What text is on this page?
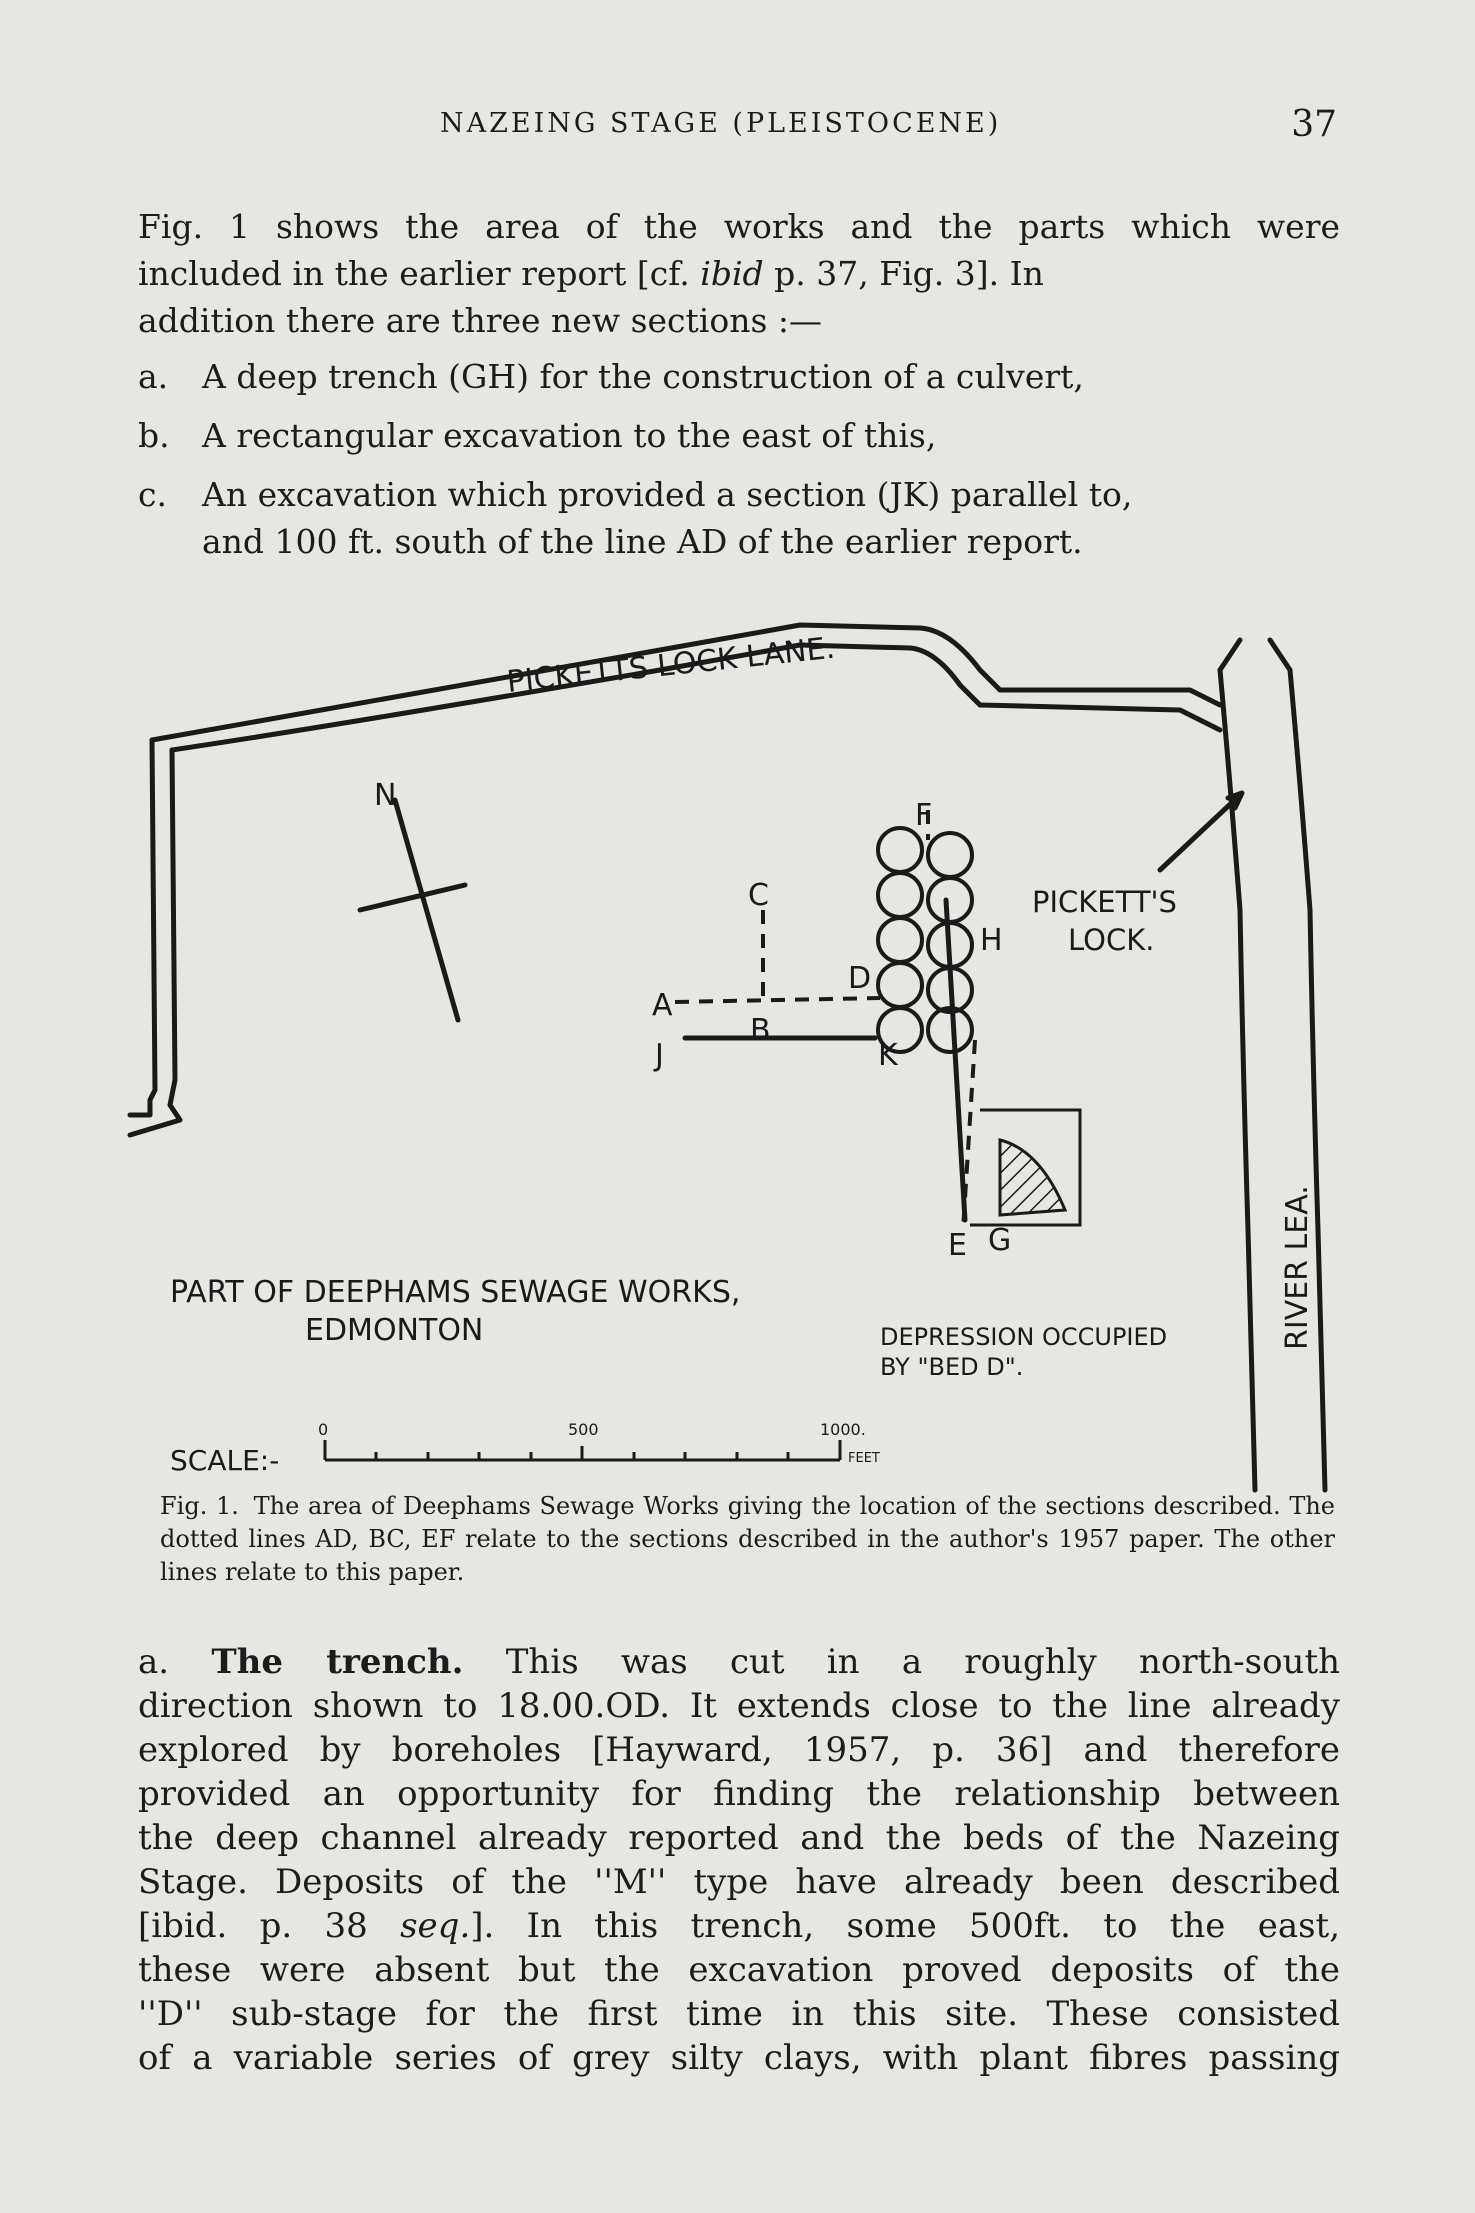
NAZEING STAGE (PLEISTOCENE)	37

Fig. 1 shows the area of the works and the parts which were

included in the earlier report [cf. ibid p. 37, Fig. 3]. In

addition there are three new sections :—

a. A deep trench (GH) for the construction of a culvert,

b. A rectangular excavation to the east of this,

c. An excavation which provided a section (JK) parallel to,
and 100 ft. south of the line AD of the earlier report.

N
A
B
C
D
E
F
G
H
J	K
PICKETTS LOCK LANE.
PICKETT'S
LOCK.
PART OF DEEPHAMS SEWAGE WORKS,
EDMONTON	DEPRESSION OCCUPIED
BY "BED D".
RIVER LEA.
SCALE:-
0	500	1000.
FEET
Fig. 1. The area of Deephams Sewage Works giving the location of the sections described. The dotted lines AD, BC, EF relate to the sections described in the author's 1957 paper. The other lines relate to this paper.
a. The trench. This was cut in a roughly north-south
direction shown to 18.00.OD. It extends close to the line already
explored by boreholes [Hayward, 1957, p. 36] and therefore
provided an opportunity for finding the relationship between
the deep channel already reported and the beds of the Nazeing
Stage. Deposits of the ''M'' type have already been described
[ibid. p. 38 seq.]. In this trench, some 500ft. to the east,
these were absent but the excavation proved deposits of the
''D'' sub-stage for the first time in this site. These consisted
of a variable series of grey silty clays, with plant fibres passing
